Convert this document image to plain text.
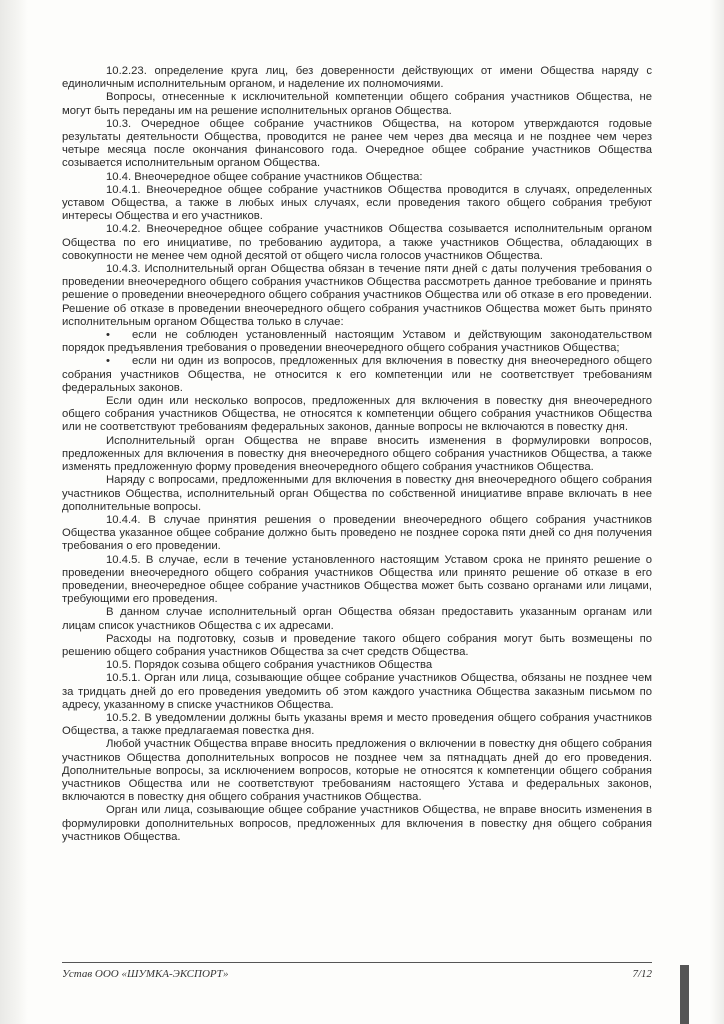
10.2.23. определение круга лиц, без доверенности действующих от имени Общества наряду с единоличным исполнительным органом, и наделение их полномочиями.

Вопросы, отнесенные к исключительной компетенции общего собрания участников Общества, не могут быть переданы им на решение исполнительных органов Общества.

10.3. Очередное общее собрание участников Общества, на котором утверждаются годовые результаты деятельности Общества, проводится не ранее чем через два месяца и не позднее чем через четыре месяца после окончания финансового года. Очередное общее собрание участников Общества созывается исполнительным органом Общества.

10.4. Внеочередное общее собрание участников Общества:

10.4.1. Внеочередное общее собрание участников Общества проводится в случаях, определенных уставом Общества, а также в любых иных случаях, если проведения такого общего собрания требуют интересы Общества и его участников.

10.4.2. Внеочередное общее собрание участников Общества созывается исполнительным органом Общества по его инициативе, по требованию аудитора, а также участников Общества, обладающих в совокупности не менее чем одной десятой от общего числа голосов участников Общества.

10.4.3. Исполнительный орган Общества обязан в течение пяти дней с даты получения требования о проведении внеочередного общего собрания участников Общества рассмотреть данное требование и принять решение о проведении внеочередного общего собрания участников Общества или об отказе в его проведении. Решение об отказе в проведении внеочередного общего собрания участников Общества может быть принято исполнительным органом Общества только в случае:

• если не соблюден установленный настоящим Уставом и действующим законодательством порядок предъявления требования о проведении внеочередного общего собрания участников Общества;

• если ни один из вопросов, предложенных для включения в повестку дня внеочередного общего собрания участников Общества, не относится к его компетенции или не соответствует требованиям федеральных законов.

Если один или несколько вопросов, предложенных для включения в повестку дня внеочередного общего собрания участников Общества, не относятся к компетенции общего собрания участников Общества или не соответствуют требованиям федеральных законов, данные вопросы не включаются в повестку дня.

Исполнительный орган Общества не вправе вносить изменения в формулировки вопросов, предложенных для включения в повестку дня внеочередного общего собрания участников Общества, а также изменять предложенную форму проведения внеочередного общего собрания участников Общества.

Наряду с вопросами, предложенными для включения в повестку дня внеочередного общего собрания участников Общества, исполнительный орган Общества по собственной инициативе вправе включать в нее дополнительные вопросы.

10.4.4. В случае принятия решения о проведении внеочередного общего собрания участников Общества указанное общее собрание должно быть проведено не позднее сорока пяти дней со дня получения требования о его проведении.

10.4.5. В случае, если в течение установленного настоящим Уставом срока не принято решение о проведении внеочередного общего собрания участников Общества или принято решение об отказе в его проведении, внеочередное общее собрание участников Общества может быть созвано органами или лицами, требующими его проведения.

В данном случае исполнительный орган Общества обязан предоставить указанным органам или лицам список участников Общества с их адресами.

Расходы на подготовку, созыв и проведение такого общего собрания могут быть возмещены по решению общего собрания участников Общества за счет средств Общества.

10.5. Порядок созыва общего собрания участников Общества

10.5.1. Орган или лица, созывающие общее собрание участников Общества, обязаны не позднее чем за тридцать дней до его проведения уведомить об этом каждого участника Общества заказным письмом по адресу, указанному в списке участников Общества.

10.5.2. В уведомлении должны быть указаны время и место проведения общего собрания участников Общества, а также предлагаемая повестка дня.

Любой участник Общества вправе вносить предложения о включении в повестку дня общего собрания участников Общества дополнительных вопросов не позднее чем за пятнадцать дней до его проведения. Дополнительные вопросы, за исключением вопросов, которые не относятся к компетенции общего собрания участников Общества или не соответствуют требованиям настоящего Устава и федеральных законов, включаются в повестку дня общего собрания участников Общества.

Орган или лица, созывающие общее собрание участников Общества, не вправе вносить изменения в формулировки дополнительных вопросов, предложенных для включения в повестку дня общего собрания участников Общества.

Устав ООО «ШУМКА-ЭКСПОРТ»	7/12
